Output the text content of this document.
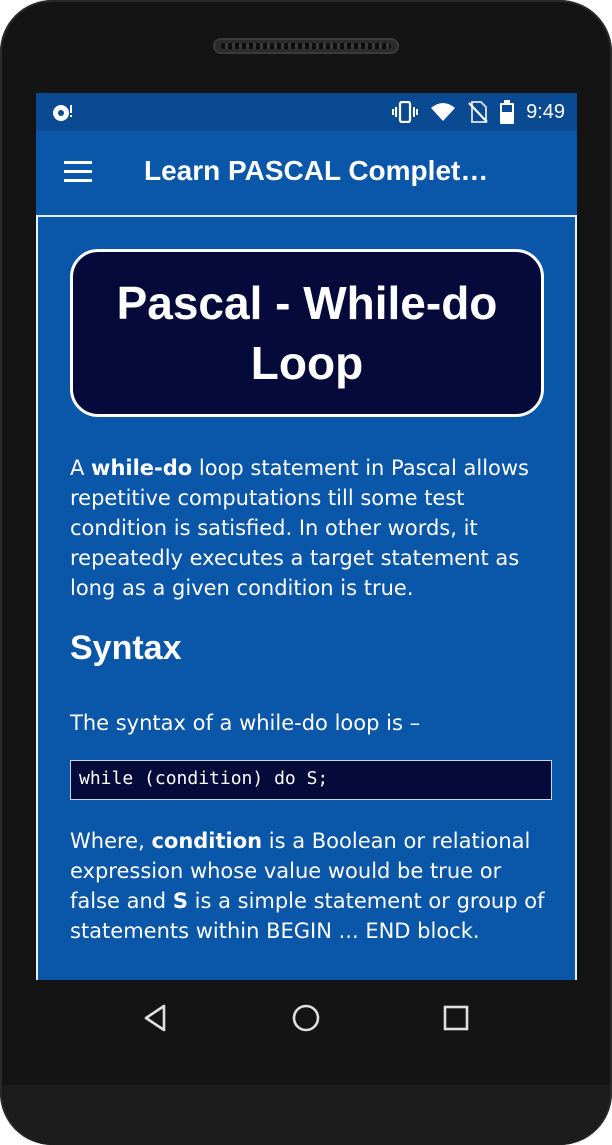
9:49
Learn PASCAL Complet…
Pascal - While-do Loop
A while-do loop statement in Pascal allows repetitive computations till some test condition is satisfied. In other words, it repeatedly executes a target statement as long as a given condition is true.
Syntax
The syntax of a while-do loop is –
while (condition) do S;
Where, condition is a Boolean or relational expression whose value would be true or false and S is a simple statement or group of statements within BEGIN ... END block.
